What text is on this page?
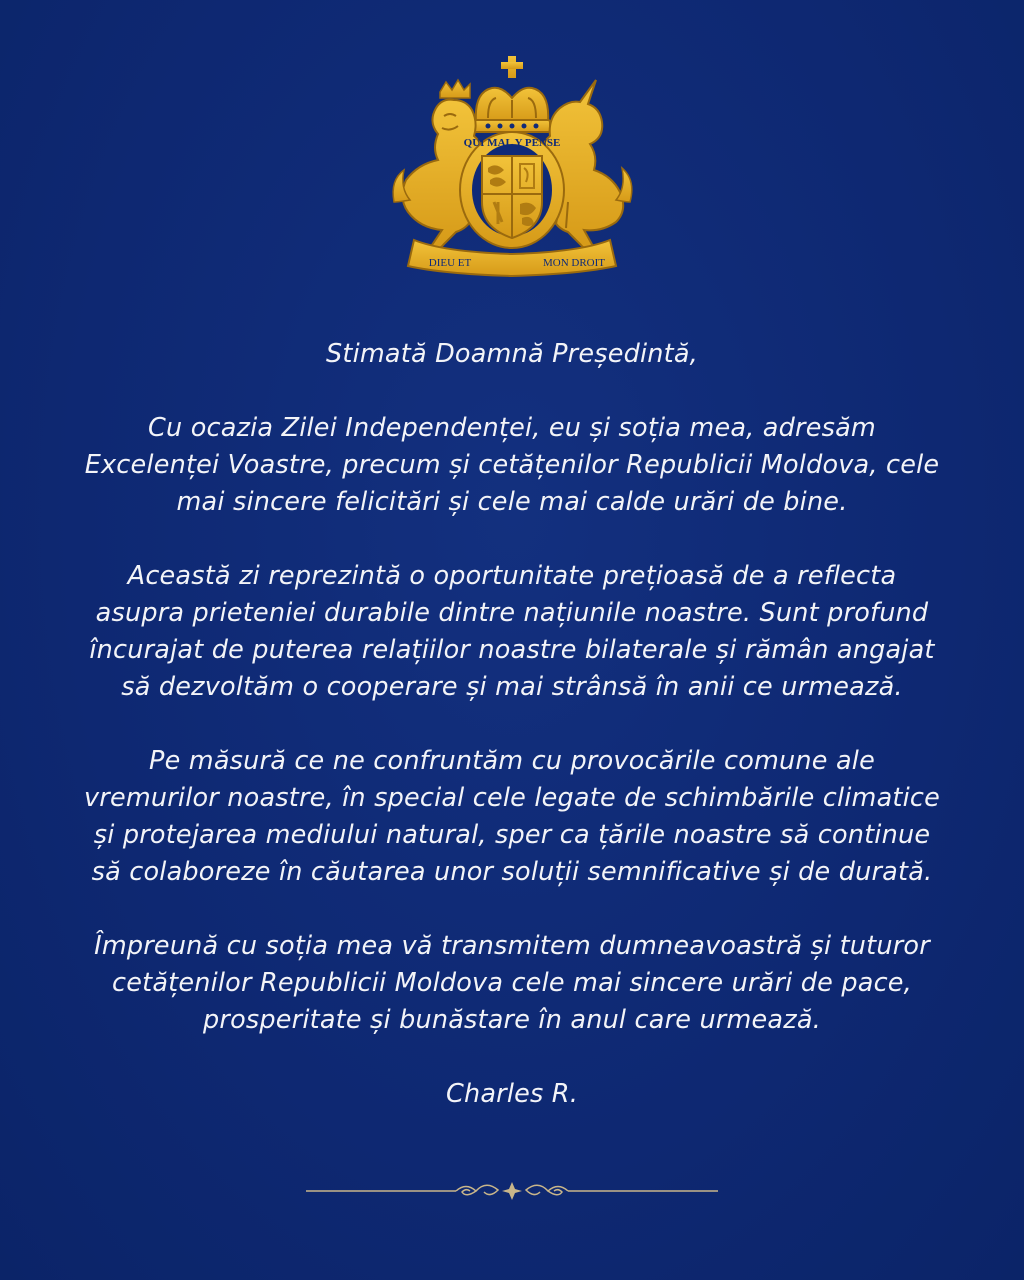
QUI MAL Y PENSE
DIEU ET	MON DROIT

Stimată Doamnă Președintă,

Cu ocazia Zilei Independenței, eu și soția mea, adresăm
Excelenței Voastre, precum și cetățenilor Republicii Moldova, cele
mai sincere felicitări și cele mai calde urări de bine.

Această zi reprezintă o oportunitate prețioasă de a reflecta
asupra prieteniei durabile dintre națiunile noastre. Sunt profund
încurajat de puterea relațiilor noastre bilaterale și rămân angajat
să dezvoltăm o cooperare și mai strânsă în anii ce urmează.

Pe măsură ce ne confruntăm cu provocările comune ale
vremurilor noastre, în special cele legate de schimbările climatice
și protejarea mediului natural, sper ca țările noastre să continue
să colaboreze în căutarea unor soluții semnificative și de durată.

Împreună cu soția mea vă transmitem dumneavoastră și tuturor
cetățenilor Republicii Moldova cele mai sincere urări de pace,
prosperitate și bunăstare în anul care urmează.

Charles R.
